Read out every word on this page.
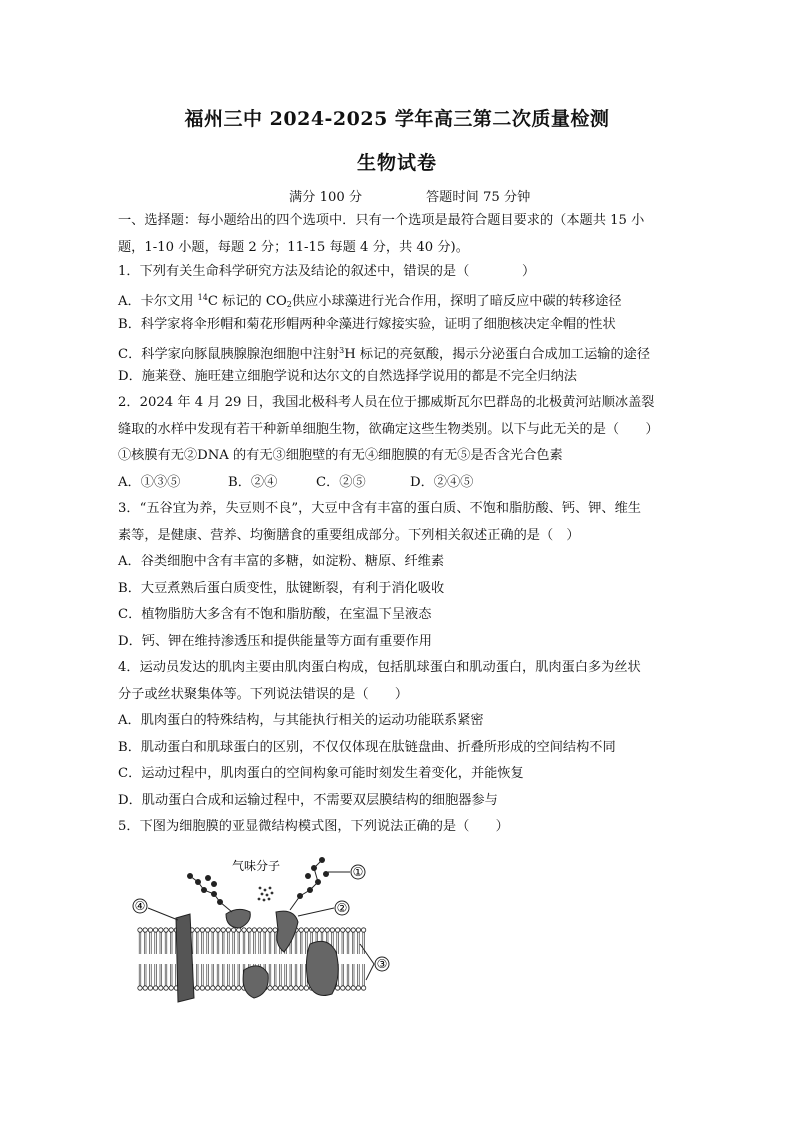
福州三中 2024-2025 学年高三第二次质量检测
生物试卷
满分 100 分	答题时间 75 分钟
一、选择题：每小题给出的四个选项中．只有一个选项是最符合题目要求的（本题共 15 小
题，1-10 小题，每题 2 分；11-15 每题 4 分，共 40 分)。
1．下列有关生命科学研究方法及结论的叙述中，错误的是（　　　　）
A．卡尔文用 $^{14}$C 标记的 $CO_2$供应小球藻进行光合作用，探明了暗反应中碳的转移途径
B．科学家将伞形帽和菊花形帽两种伞藻进行嫁接实验，证明了细胞核决定伞帽的性状
C．科学家向豚鼠胰腺腺泡细胞中注射$^3$H 标记的亮氨酸，揭示分泌蛋白合成加工运输的途径
D．施莱登、施旺建立细胞学说和达尔文的自然选择学说用的都是不完全归纳法
2．2024 年 4 月 29 日，我国北极科考人员在位于挪威斯瓦尔巴群岛的北极黄河站顺冰盖裂
缝取的水样中发现有若干种新单细胞生物，欲确定这些生物类别。以下与此无关的是（　　）
①核膜有无②DNA 的有无③细胞壁的有无④细胞膜的有无⑤是否含光合色素
A．①③⑤	B．②④	C．②⑤	D．②④⑤
3．“五谷宜为养，失豆则不良”，大豆中含有丰富的蛋白质、不饱和脂肪酸、钙、钾、维生
素等，是健康、营养、均衡膳食的重要组成部分。下列相关叙述正确的是（　）
A．谷类细胞中含有丰富的多糖，如淀粉、糖原、纤维素
B．大豆煮熟后蛋白质变性，肽键断裂，有利于消化吸收
C．植物脂肪大多含有不饱和脂肪酸，在室温下呈液态
D．钙、钾在维持渗透压和提供能量等方面有重要作用
4．运动员发达的肌肉主要由肌肉蛋白构成，包括肌球蛋白和肌动蛋白，肌肉蛋白多为丝状
分子或丝状聚集体等。下列说法错误的是（　　）
A．肌肉蛋白的特殊结构，与其能执行相关的运动功能联系紧密
B．肌动蛋白和肌球蛋白的区别，不仅仅体现在肽链盘曲、折叠所形成的空间结构不同
C．运动过程中，肌肉蛋白的空间构象可能时刻发生着变化，并能恢复
D．肌动蛋白合成和运输过程中，不需要双层膜结构的细胞器参与
5．下图为细胞膜的亚显微结构模式图，下列说法正确的是（　　）
气味分子	①
②
③
④
